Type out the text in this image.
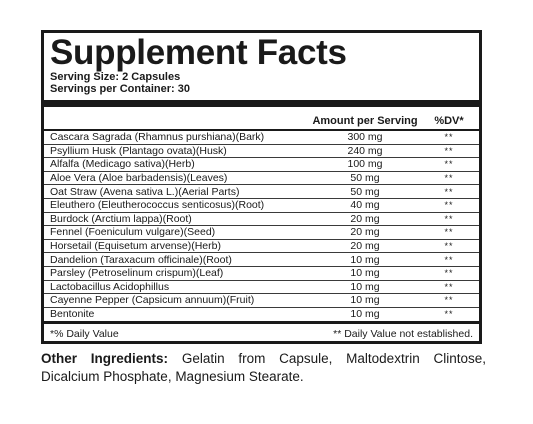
Supplement Facts
Serving Size: 2 Capsules
Servings per Container: 30
Amount per Serving	%DV*
Cascara Sagrada (Rhamnus purshiana)(Bark)	300 mg	**
Psyllium Husk (Plantago ovata)(Husk)	240 mg	**
Alfalfa (Medicago sativa)(Herb)	100 mg	**
Aloe Vera (Aloe barbadensis)(Leaves)	50 mg	**
Oat Straw (Avena sativa L.)(Aerial Parts)	50 mg	**
Eleuthero (Eleutherococcus senticosus)(Root)	40 mg	**
Burdock (Arctium lappa)(Root)	20 mg	**
Fennel (Foeniculum vulgare)(Seed)	20 mg	**
Horsetail (Equisetum arvense)(Herb)	20 mg	**
Dandelion (Taraxacum officinale)(Root)	10 mg	**
Parsley (Petroselinum crispum)(Leaf)	10 mg	**
Lactobacillus Acidophillus	10 mg	**
Cayenne Pepper (Capsicum annuum)(Fruit)	10 mg	**
Bentonite	10 mg	**
*% Daily Value	** Daily Value not established.
Other Ingredients: Gelatin from Capsule, Maltodextrin Clintose, Dicalcium Phosphate, Magnesium Stearate.
